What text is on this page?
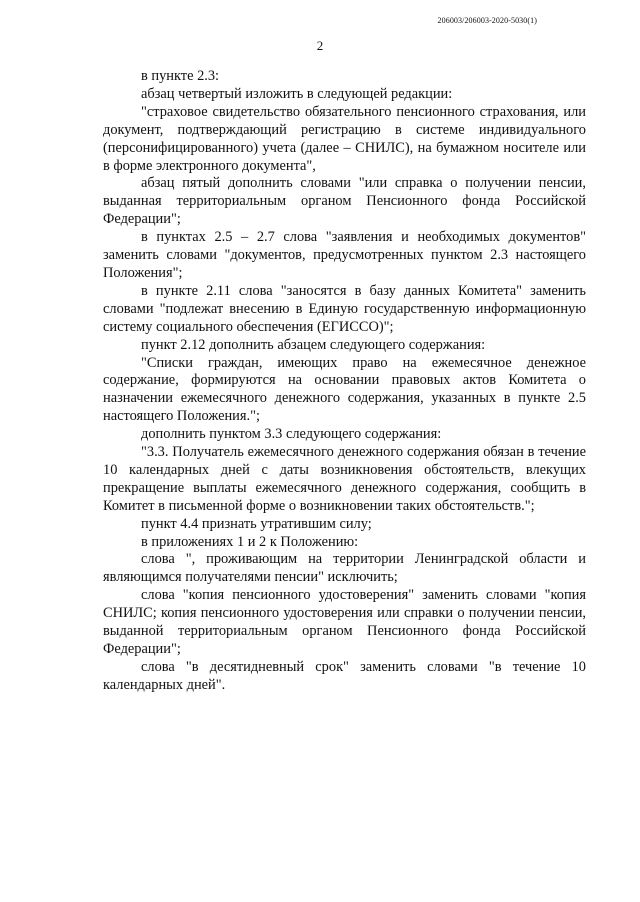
206003/206003-2020-5030(1)
2

в пункте 2.3:

абзац четвертый изложить в следующей редакции:

"страховое свидетельство обязательного пенсионного страхования, или документ, подтверждающий регистрацию в системе индивидуального (персонифицированного) учета (далее – СНИЛС), на бумажном носителе или в форме электронного документа",

абзац пятый дополнить словами "или справка о получении пенсии, выданная территориальным органом Пенсионного фонда Российской Федерации";

в пунктах 2.5 – 2.7 слова "заявления и необходимых документов" заменить словами "документов, предусмотренных пунктом 2.3 настоящего Положения";

в пункте 2.11 слова "заносятся в базу данных Комитета" заменить словами "подлежат внесению в Единую государственную информационную систему социального обеспечения (ЕГИССО)";

пункт 2.12 дополнить абзацем следующего содержания:

"Списки граждан, имеющих право на ежемесячное денежное содержание, формируются на основании правовых актов Комитета о назначении ежемесячного денежного содержания, указанных в пункте 2.5 настоящего Положения.";

дополнить пунктом 3.3 следующего содержания:

"3.3. Получатель ежемесячного денежного содержания обязан в течение 10 календарных дней с даты возникновения обстоятельств, влекущих прекращение выплаты ежемесячного денежного содержания, сообщить в Комитет в письменной форме о возникновении таких обстоятельств.";

пункт 4.4 признать утратившим силу;

в приложениях 1 и 2 к Положению:

слова ", проживающим на территории Ленинградской области и являющимся получателями пенсии" исключить;

слова "копия пенсионного удостоверения" заменить словами "копия СНИЛС; копия пенсионного удостоверения или справки о получении пенсии, выданной территориальным органом Пенсионного фонда Российской Федерации";

слова "в десятидневный срок" заменить словами "в течение 10 календарных дней".
